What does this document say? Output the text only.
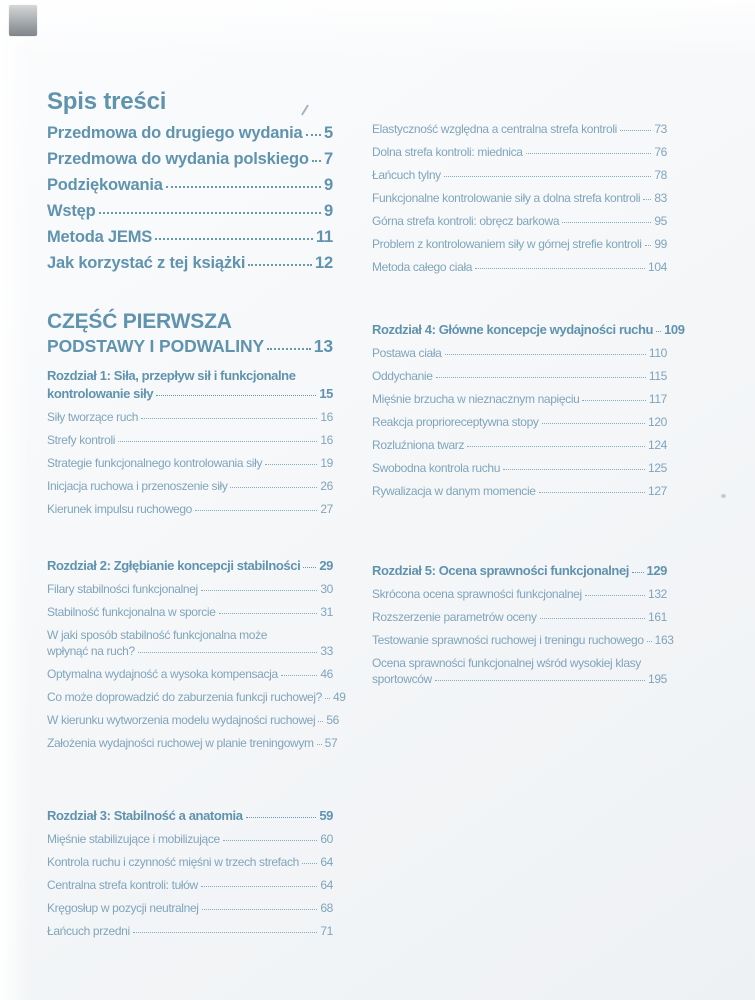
Spis treści
Przedmowa do drugiego wydania 5
Przedmowa do wydania polskiego 7
Podziękowania	9
Wstęp	9
Metoda JEMS	11
Jak korzystać z tej książki	12
CZĘŚĆ PIERWSZA
PODSTAWY I PODWALINY	13
Rozdział 1: Siła, przepływ sił i funkcjonalne
kontrolowanie siły	15
Siły tworzące ruch	16
Strefy kontroli	16
Strategie funkcjonalnego kontrolowania siły	19
Inicjacja ruchowa i przenoszenie siły	26
Kierunek impulsu ruchowego	27
Rozdział 2: Zgłębianie koncepcji stabilności 29
Filary stabilności funkcjonalnej	30
Stabilność funkcjonalna w sporcie	31
W jaki sposób stabilność funkcjonalna może
wpłynąć na ruch?	33
Optymalna wydajność a wysoka kompensacja	46
Co może doprowadzić do zaburzenia funkcji ruchowej? 49
W kierunku wytworzenia modelu wydajności ruchowej 56
Założenia wydajności ruchowej w planie treningowym 57
Rozdział 3: Stabilność a anatomia	59
Mięśnie stabilizujące i mobilizujące	60
Kontrola ruchu i czynność mięśni w trzech strefach 64
Centralna strefa kontroli: tułów	64
Kręgosłup w pozycji neutralnej	68
Łańcuch przedni	71
Elastyczność względna a centralna strefa kontroli	73
Dolna strefa kontroli: miednica	76
Łańcuch tylny	78
Funkcjonalne kontrolowanie siły a dolna strefa kontroli 83
Górna strefa kontroli: obręcz barkowa	95
Problem z kontrolowaniem siły w górnej strefie kontroli 99
Metoda całego ciała	104
Rozdział 4: Główne koncepcje wydajności ruchu 109
Postawa ciała	110
Oddychanie	115
Mięśnie brzucha w nieznacznym napięciu	117
Reakcja proprioreceptywna stopy	120
Rozluźniona twarz	124
Swobodna kontrola ruchu	125
Rywalizacja w danym momencie	127
Rozdział 5: Ocena sprawności funkcjonalnej 129
Skrócona ocena sprawności funkcjonalnej	132
Rozszerzenie parametrów oceny	161
Testowanie sprawności ruchowej i treningu ruchowego 163
Ocena sprawności funkcjonalnej wśród wysokiej klasy
sportowców	195
